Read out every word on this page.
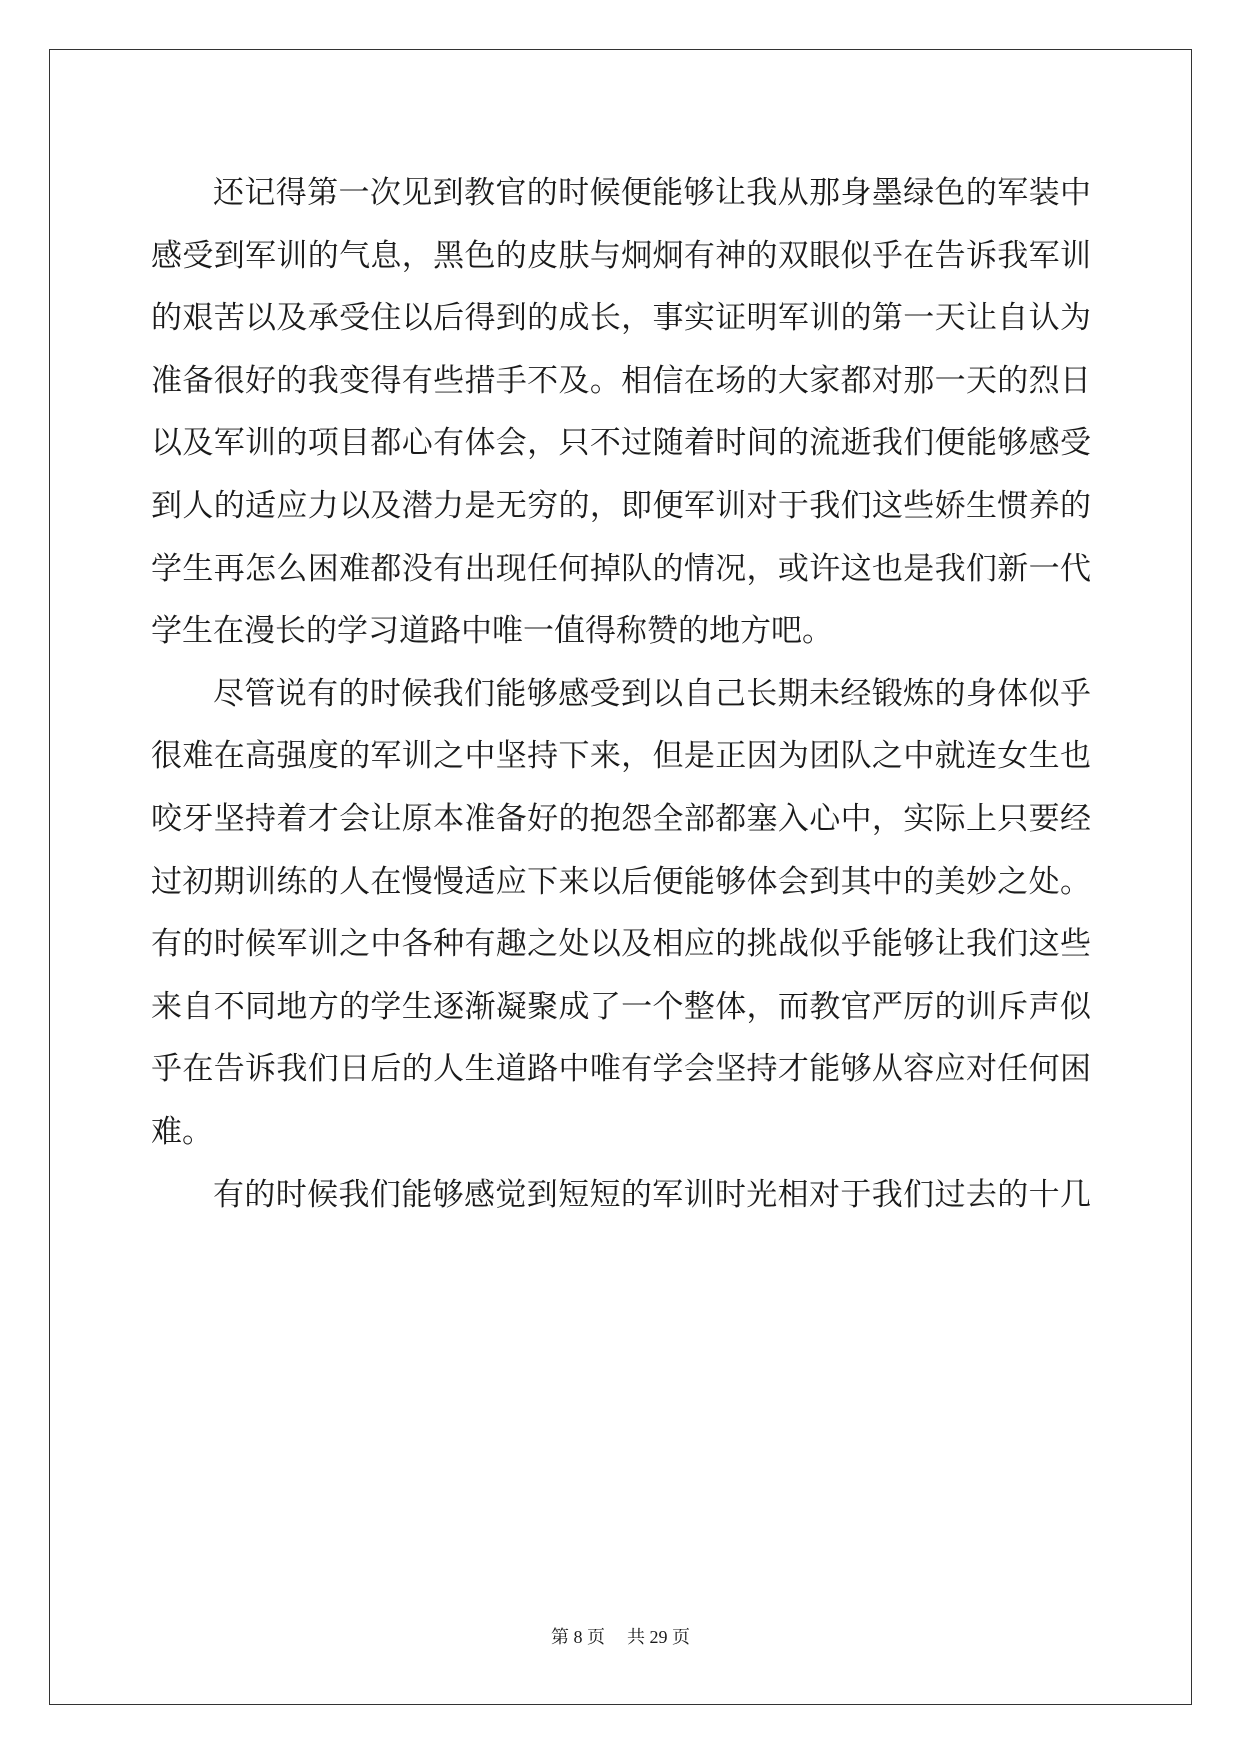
还记得第一次见到教官的时候便能够让我从那身墨绿色的军装中
感受到军训的气息，黑色的皮肤与炯炯有神的双眼似乎在告诉我军训
的艰苦以及承受住以后得到的成长，事实证明军训的第一天让自认为
准备很好的我变得有些措手不及。相信在场的大家都对那一天的烈日
以及军训的项目都心有体会，只不过随着时间的流逝我们便能够感受
到人的适应力以及潜力是无穷的，即便军训对于我们这些娇生惯养的
学生再怎么困难都没有出现任何掉队的情况，或许这也是我们新一代
学生在漫长的学习道路中唯一值得称赞的地方吧。
尽管说有的时候我们能够感受到以自己长期未经锻炼的身体似乎
很难在高强度的军训之中坚持下来，但是正因为团队之中就连女生也
咬牙坚持着才会让原本准备好的抱怨全部都塞入心中，实际上只要经
过初期训练的人在慢慢适应下来以后便能够体会到其中的美妙之处。
有的时候军训之中各种有趣之处以及相应的挑战似乎能够让我们这些
来自不同地方的学生逐渐凝聚成了一个整体，而教官严厉的训斥声似
乎在告诉我们日后的人生道路中唯有学会坚持才能够从容应对任何困
难。
有的时候我们能够感觉到短短的军训时光相对于我们过去的十几
第 8 页 共 29 页
